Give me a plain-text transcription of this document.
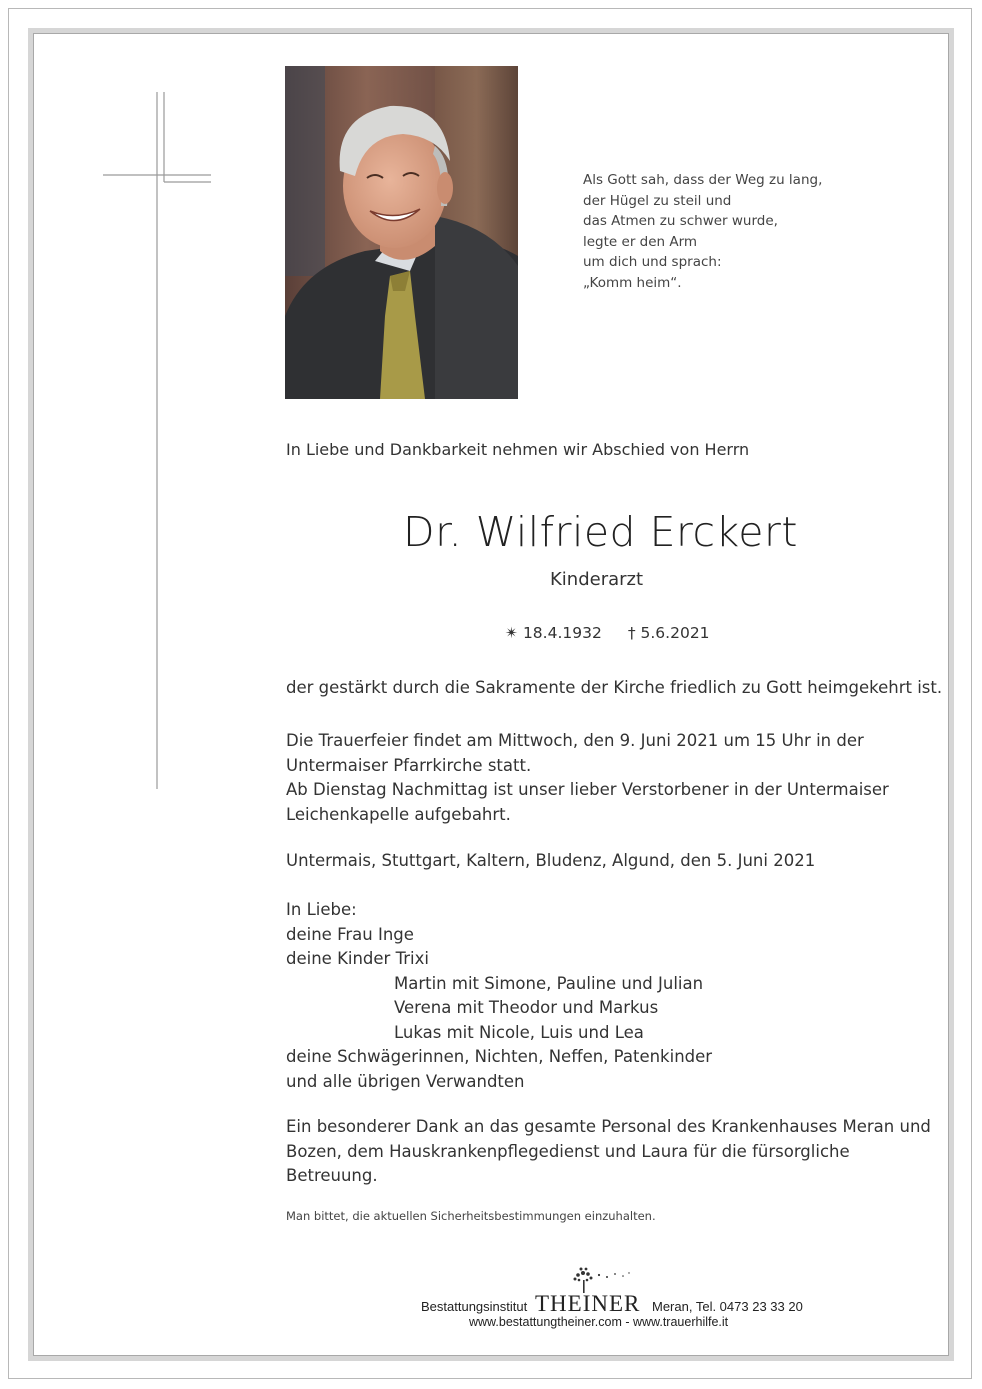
Als Gott sah, dass der Weg zu lang,
der Hügel zu steil und
das Atmen zu schwer wurde,
legte er den Arm
um dich und sprach:
„Komm heim“.
In Liebe und Dankbarkeit nehmen wir Abschied von Herrn
Dr. Wilfried Erckert
Kinderarzt
✴ 18.4.1932 † 5.6.2021
der gestärkt durch die Sakramente der Kirche friedlich zu Gott heimgekehrt ist.
Die Trauerfeier findet am Mittwoch, den 9. Juni 2021 um 15 Uhr in der
Untermaiser Pfarrkirche statt.
Ab Dienstag Nachmittag ist unser lieber Verstorbener in der Untermaiser
Leichenkapelle aufgebahrt.
Untermais, Stuttgart, Kaltern, Bludenz, Algund, den 5. Juni 2021
In Liebe:
deine Frau Inge
deine Kinder Trixi
Martin mit Simone, Pauline und Julian
Verena mit Theodor und Markus
Lukas mit Nicole, Luis und Lea
deine Schwägerinnen, Nichten, Neffen, Patenkinder
und alle übrigen Verwandten
Ein besonderer Dank an das gesamte Personal des Krankenhauses Meran und
Bozen, dem Hauskrankenpflegedienst und Laura für die fürsorgliche
Betreuung.
Man bittet, die aktuellen Sicherheitsbestimmungen einzuhalten.
Bestattungsinstitut THEINER Meran, Tel. 0473 23 33 20
www.bestattungtheiner.com - www.trauerhilfe.it
